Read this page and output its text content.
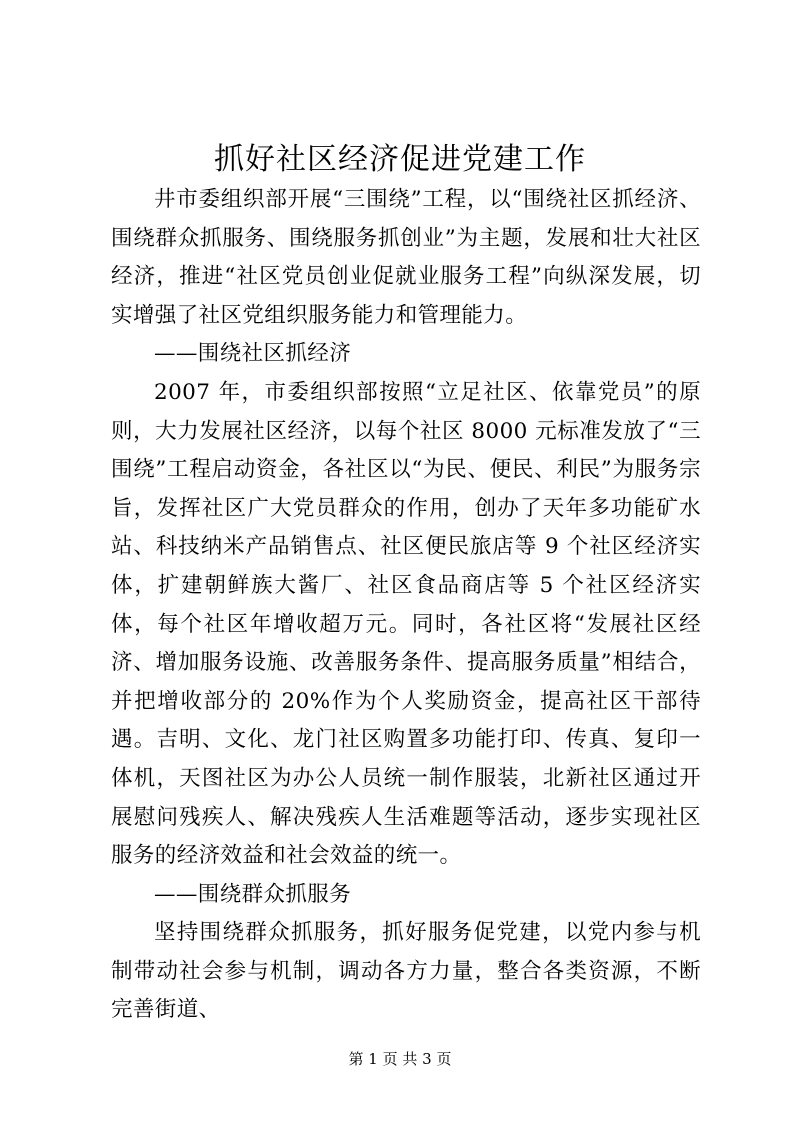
抓好社区经济促进党建工作

井市委组织部开展“三围绕”工程，以“围绕社区抓经济、围绕群众抓服务、围绕服务抓创业”为主题，发展和壮大社区经济，推进“社区党员创业促就业服务工程”向纵深发展，切实增强了社区党组织服务能力和管理能力。

——围绕社区抓经济

2007 年，市委组织部按照“立足社区、依靠党员”的原则，大力发展社区经济，以每个社区 8000 元标准发放了“三围绕”工程启动资金，各社区以“为民、便民、利民”为服务宗旨，发挥社区广大党员群众的作用，创办了天年多功能矿水站、科技纳米产品销售点、社区便民旅店等 9 个社区经济实体，扩建朝鲜族大酱厂、社区食品商店等 5 个社区经济实体，每个社区年增收超万元。同时，各社区将“发展社区经济、增加服务设施、改善服务条件、提高服务质量”相结合，并把增收部分的 20%作为个人奖励资金，提高社区干部待遇。吉明、文化、龙门社区购置多功能打印、传真、复印一体机，天图社区为办公人员统一制作服装，北新社区通过开展慰问残疾人、解决残疾人生活难题等活动，逐步实现社区服务的经济效益和社会效益的统一。

——围绕群众抓服务

坚持围绕群众抓服务，抓好服务促党建，以党内参与机制带动社会参与机制，调动各方力量，整合各类资源，不断完善街道、

第 1 页 共 3 页
